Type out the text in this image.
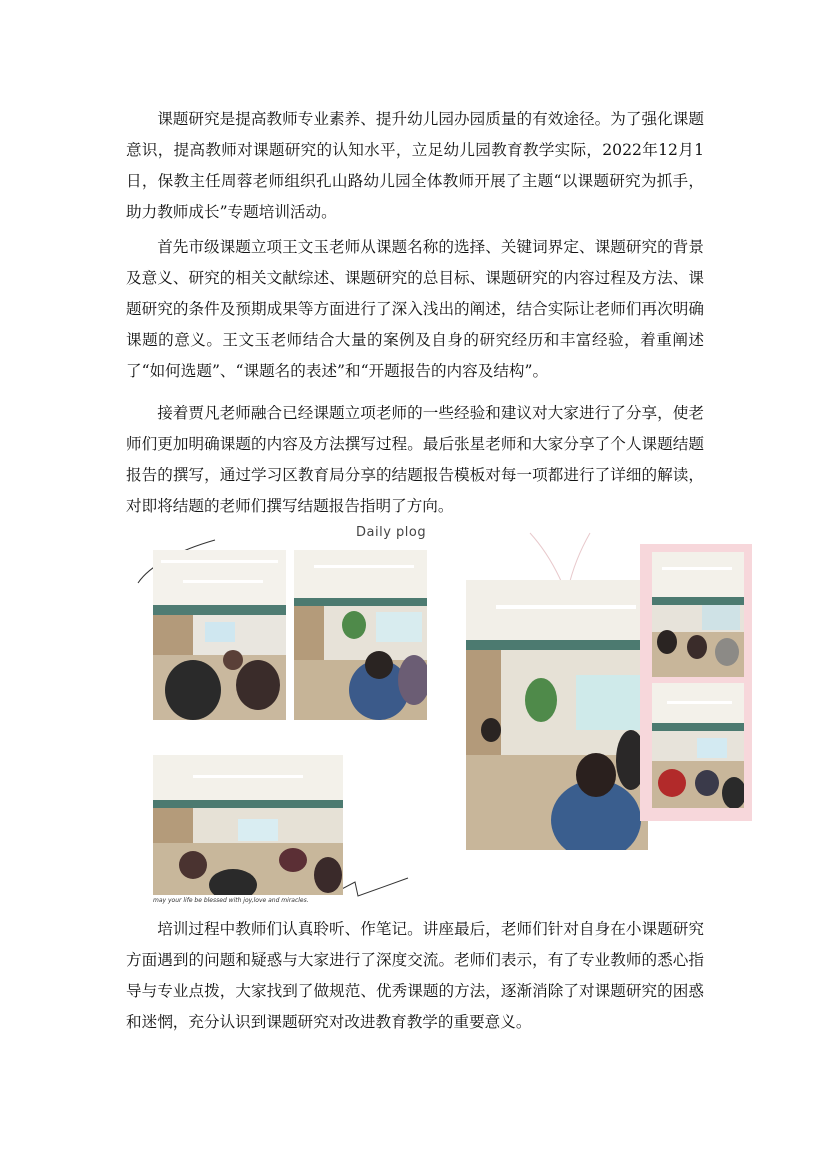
课题研究是提高教师专业素养、提升幼儿园办园质量的有效途径。为了强化课题意识，提高教师对课题研究的认知水平，立足幼儿园教育教学实际，2022年12月1日，保教主任周蓉老师组织孔山路幼儿园全体教师开展了主题“以课题研究为抓手，助力教师成长”专题培训活动。

首先市级课题立项王文玉老师从课题名称的选择、关键词界定、课题研究的背景及意义、研究的相关文献综述、课题研究的总目标、课题研究的内容过程及方法、课题研究的条件及预期成果等方面进行了深入浅出的阐述，结合实际让老师们再次明确课题的意义。王文玉老师结合大量的案例及自身的研究经历和丰富经验，着重阐述了“如何选题”、“课题名的表述”和“开题报告的内容及结构”。

接着贾凡老师融合已经课题立项老师的一些经验和建议对大家进行了分享，使老师们更加明确课题的内容及方法撰写过程。最后张星老师和大家分享了个人课题结题报告的撰写，通过学习区教育局分享的结题报告模板对每一项都进行了详细的解读，对即将结题的老师们撰写结题报告指明了方向。

Daily plog
may your life be blessed with joy,love and miracles.

培训过程中教师们认真聆听、作笔记。讲座最后，老师们针对自身在小课题研究方面遇到的问题和疑惑与大家进行了深度交流。老师们表示，有了专业教师的悉心指导与专业点拨，大家找到了做规范、优秀课题的方法，逐渐消除了对课题研究的困惑和迷惘，充分认识到课题研究对改进教育教学的重要意义。
